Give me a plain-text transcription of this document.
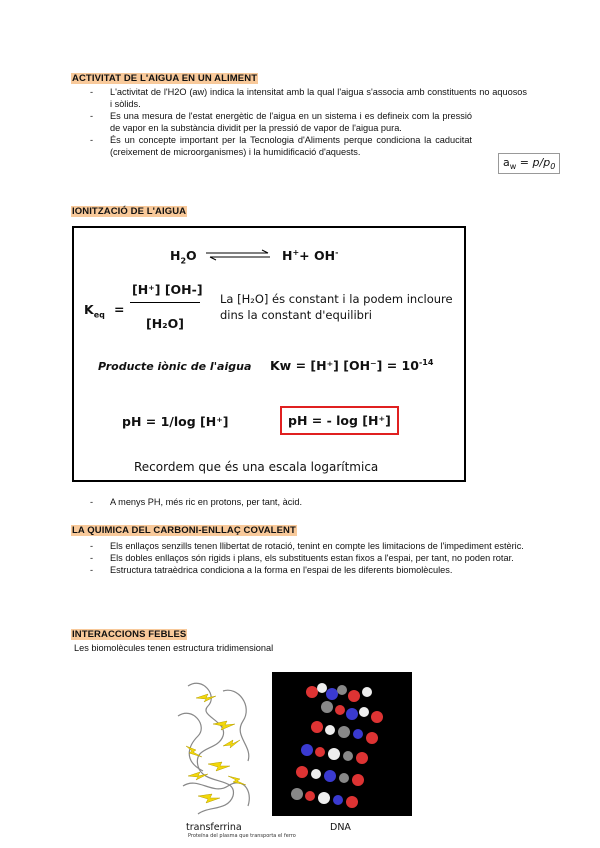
ACTIVITAT DE L'AIGUA EN UN ALIMENT
- L'activitat de l'H2O (aw) indica la intensitat amb la qual l'aigua s'associa amb constituents no aquosos i sòlids.
- Es una mesura de l'estat energètic de l'aigua en un sistema i es defineix com la pressió de vapor en la substància dividit per la pressió de vapor de l'aigua pura.
- És un concepte important per la Tecnologia d'Aliments perque condiciona la caducitat (creixement de microorganismes) i la humidificació d'aquests.
$a_w = p/p_0$
IONITZACIÓ DE L'AIGUA
$H_2O$	H++ OH-
$K_{eq}$ =
[H⁺] [OH-]
[H₂O]
La [H₂O] és constant i la podem incloure
dins la constant d'equilibri
Producte iònic de l'aigua Kw = [H⁺] $[OH^-] = 10^{-14}$
pH = 1/log [H⁺]	pH = - log [H⁺]
Recordem que és una escala logarítmica
- A menys PH, més ric en protons, per tant, àcid.
LA QUIMICA DEL CARBONI-ENLLAÇ COVALENT
- Els enllaços senzills tenen llibertat de rotació, tenint en compte les limitacions de l'impediment estèric.
- Els dobles enllaços són rigids i plans, els substituents estan fixos a l'espai, per tant, no poden rotar.
- Estructura tatraèdrica condiciona a la forma en l'espai de les diferents biomolècules.
INTERACCIONS FEBLES
Les biomolècules tenen estructura tridimensional
transferrina
Proteïna del plasma que transporta el ferro
DNA
